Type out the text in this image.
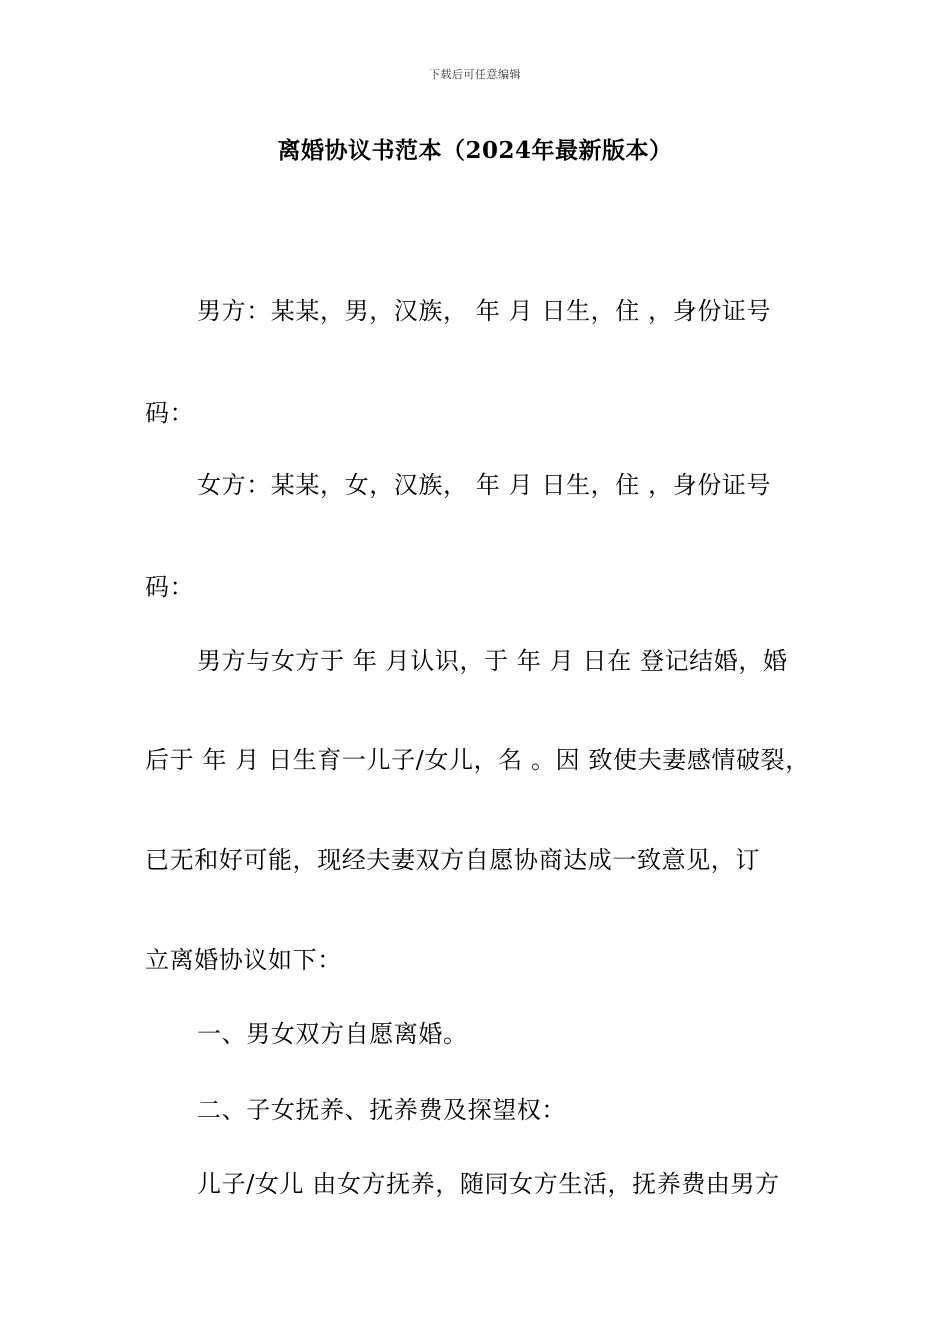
下载后可任意编辑
离婚协议书范本（2024年最新版本）
男方：某某，男，汉族， 年 月 日生，住 ，身份证号
码：
女方：某某，女，汉族， 年 月 日生，住 ，身份证号
码：
男方与女方于 年 月认识，于 年 月 日在 登记结婚，婚
后于 年 月 日生育一儿子/女儿，名 。因 致使夫妻感情破裂，
已无和好可能，现经夫妻双方自愿协商达成一致意见，订
立离婚协议如下：
一、男女双方自愿离婚。
二、子女抚养、抚养费及探望权：
儿子/女儿 由女方抚养，随同女方生活，抚养费由男方
